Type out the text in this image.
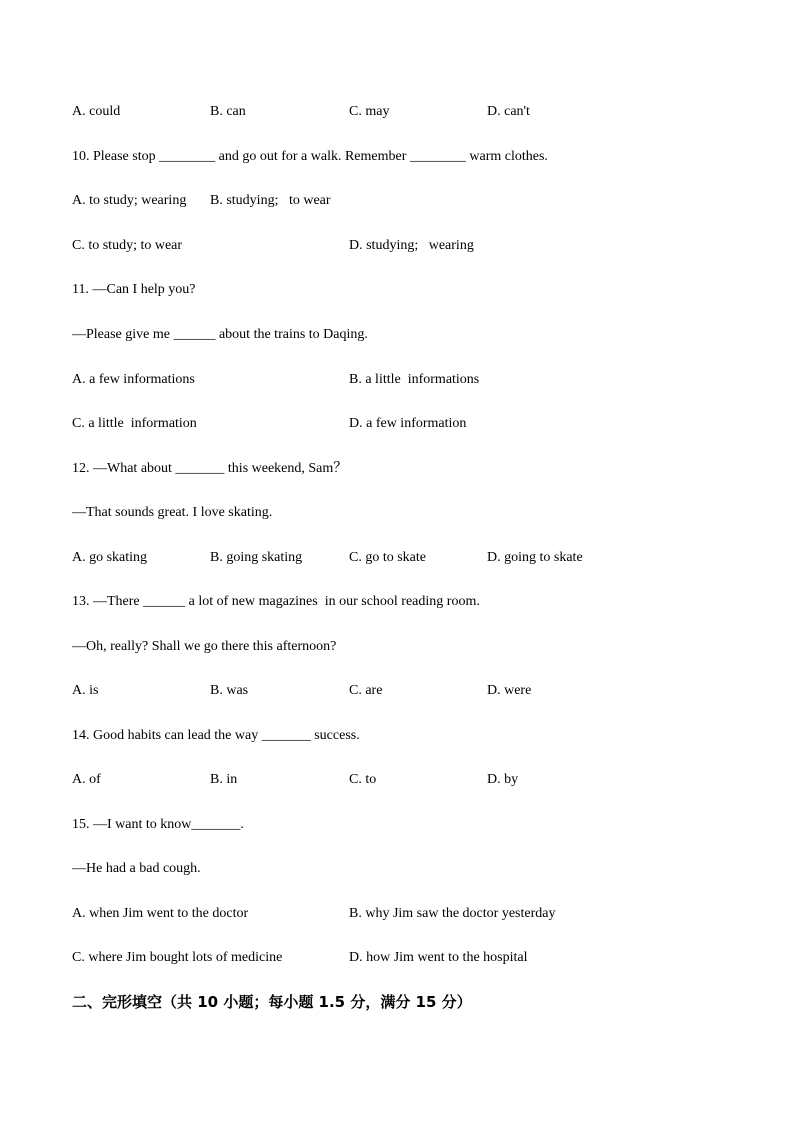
A. could	B. can	C. may	D. can't
10. Please stop ________ and go out for a walk. Remember ________ warm clothes.
A. to study; wearing B. studying;   to wear
C. to study; to wear	D. studying;   wearing
11. —Can I help you?
—Please give me ______ about the trains to Daqing.
A. a few informations	B. a little  informations
C. a little  information	D. a few information
12. —What about _______ this weekend, Sam？
—That sounds great. I love skating.
A. go skating	B. going skating	C. go to skate	D. going to skate
13. —There ______ a lot of new magazines  in our school reading room.
—Oh, really? Shall we go there this afternoon?
A. is	B. was	C. are	D. were
14. Good habits can lead the way _______ success.
A. of	B. in	C. to	D. by
15. —I want to know_______.
—He had a bad cough.
A. when Jim went to the doctor	B. why Jim saw the doctor yesterday
C. where Jim bought lots of medicine	D. how Jim went to the hospital
二、完形填空（共 10 小题；每小题 1.5 分，满分 15 分）
